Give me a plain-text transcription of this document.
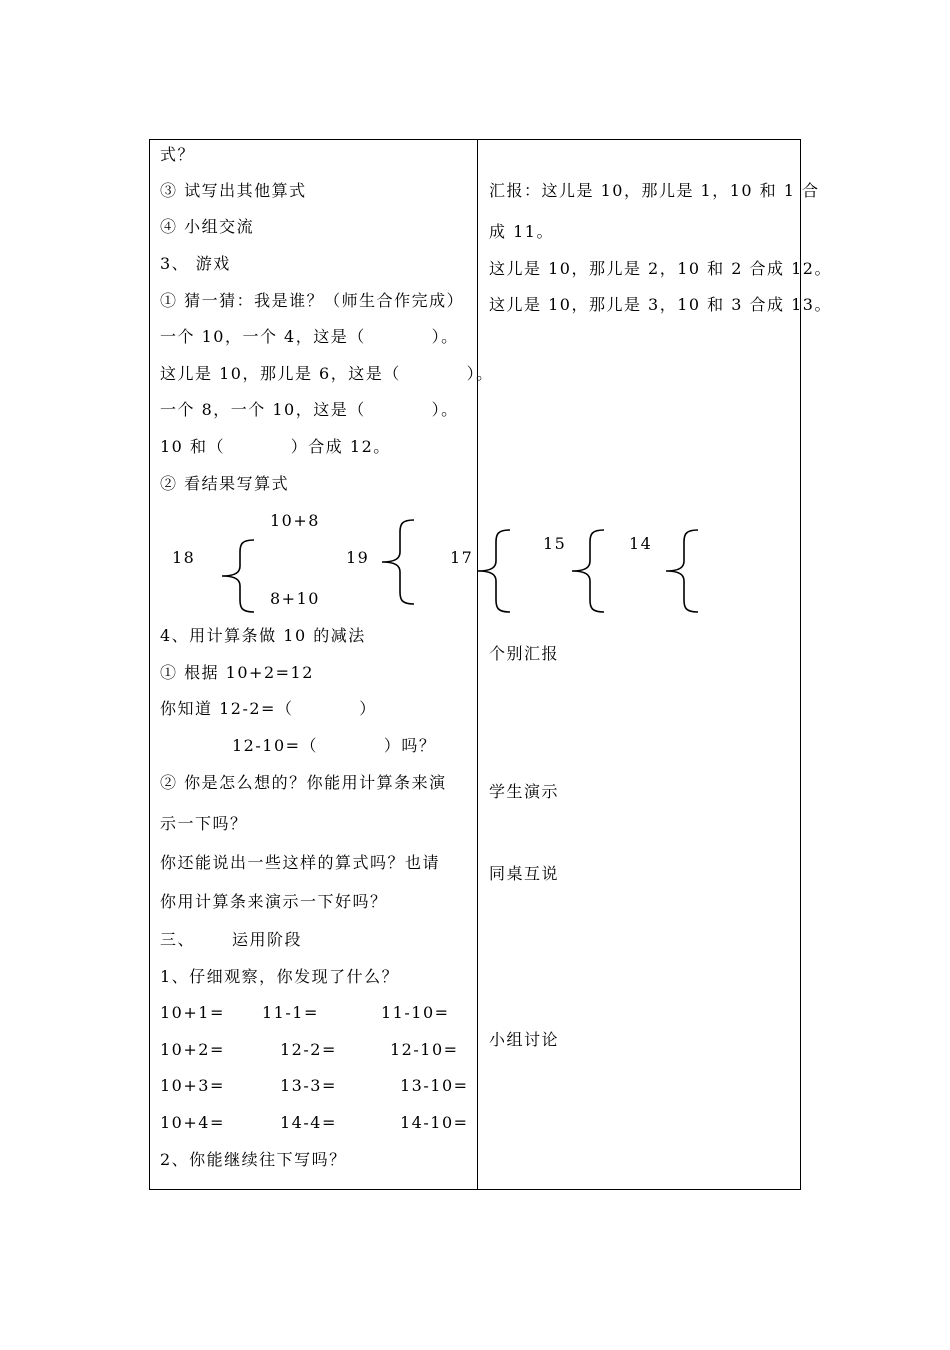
式？
③ 试写出其他算式
④ 小组交流
3、 游戏
① 猜一猜：我是谁？（师生合作完成）
一个 10，一个 4，这是（          ）。
这儿是 10，那儿是 6，这是（          ）。
一个 8，一个 10，这是（          ）。
10 和（          ）合成 12。
② 看结果写算式
10+8
18
8+10
19	17
4、用计算条做 10 的减法
① 根据 10+2=12
你知道 12-2=（          ）
12-10=（          ）吗？
② 你是怎么想的？你能用计算条来演
示一下吗？
你还能说出一些这样的算式吗？也请
你用计算条来演示一下好吗？
三、 运用阶段
1、仔细观察，你发现了什么？
10+1= 11-1=	11-10=
10+2=	12-2=	12-10=
10+3=	13-3=	13-10=
10+4=	14-4=	14-10=
2、你能继续往下写吗？
汇报：这儿是 10，那儿是 1，10 和 1 合
成 11。
这儿是 10，那儿是 2，10 和 2 合成 12。
这儿是 10，那儿是 3，10 和 3 合成 13。
15	14
个别汇报
学生演示
同桌互说
小组讨论
